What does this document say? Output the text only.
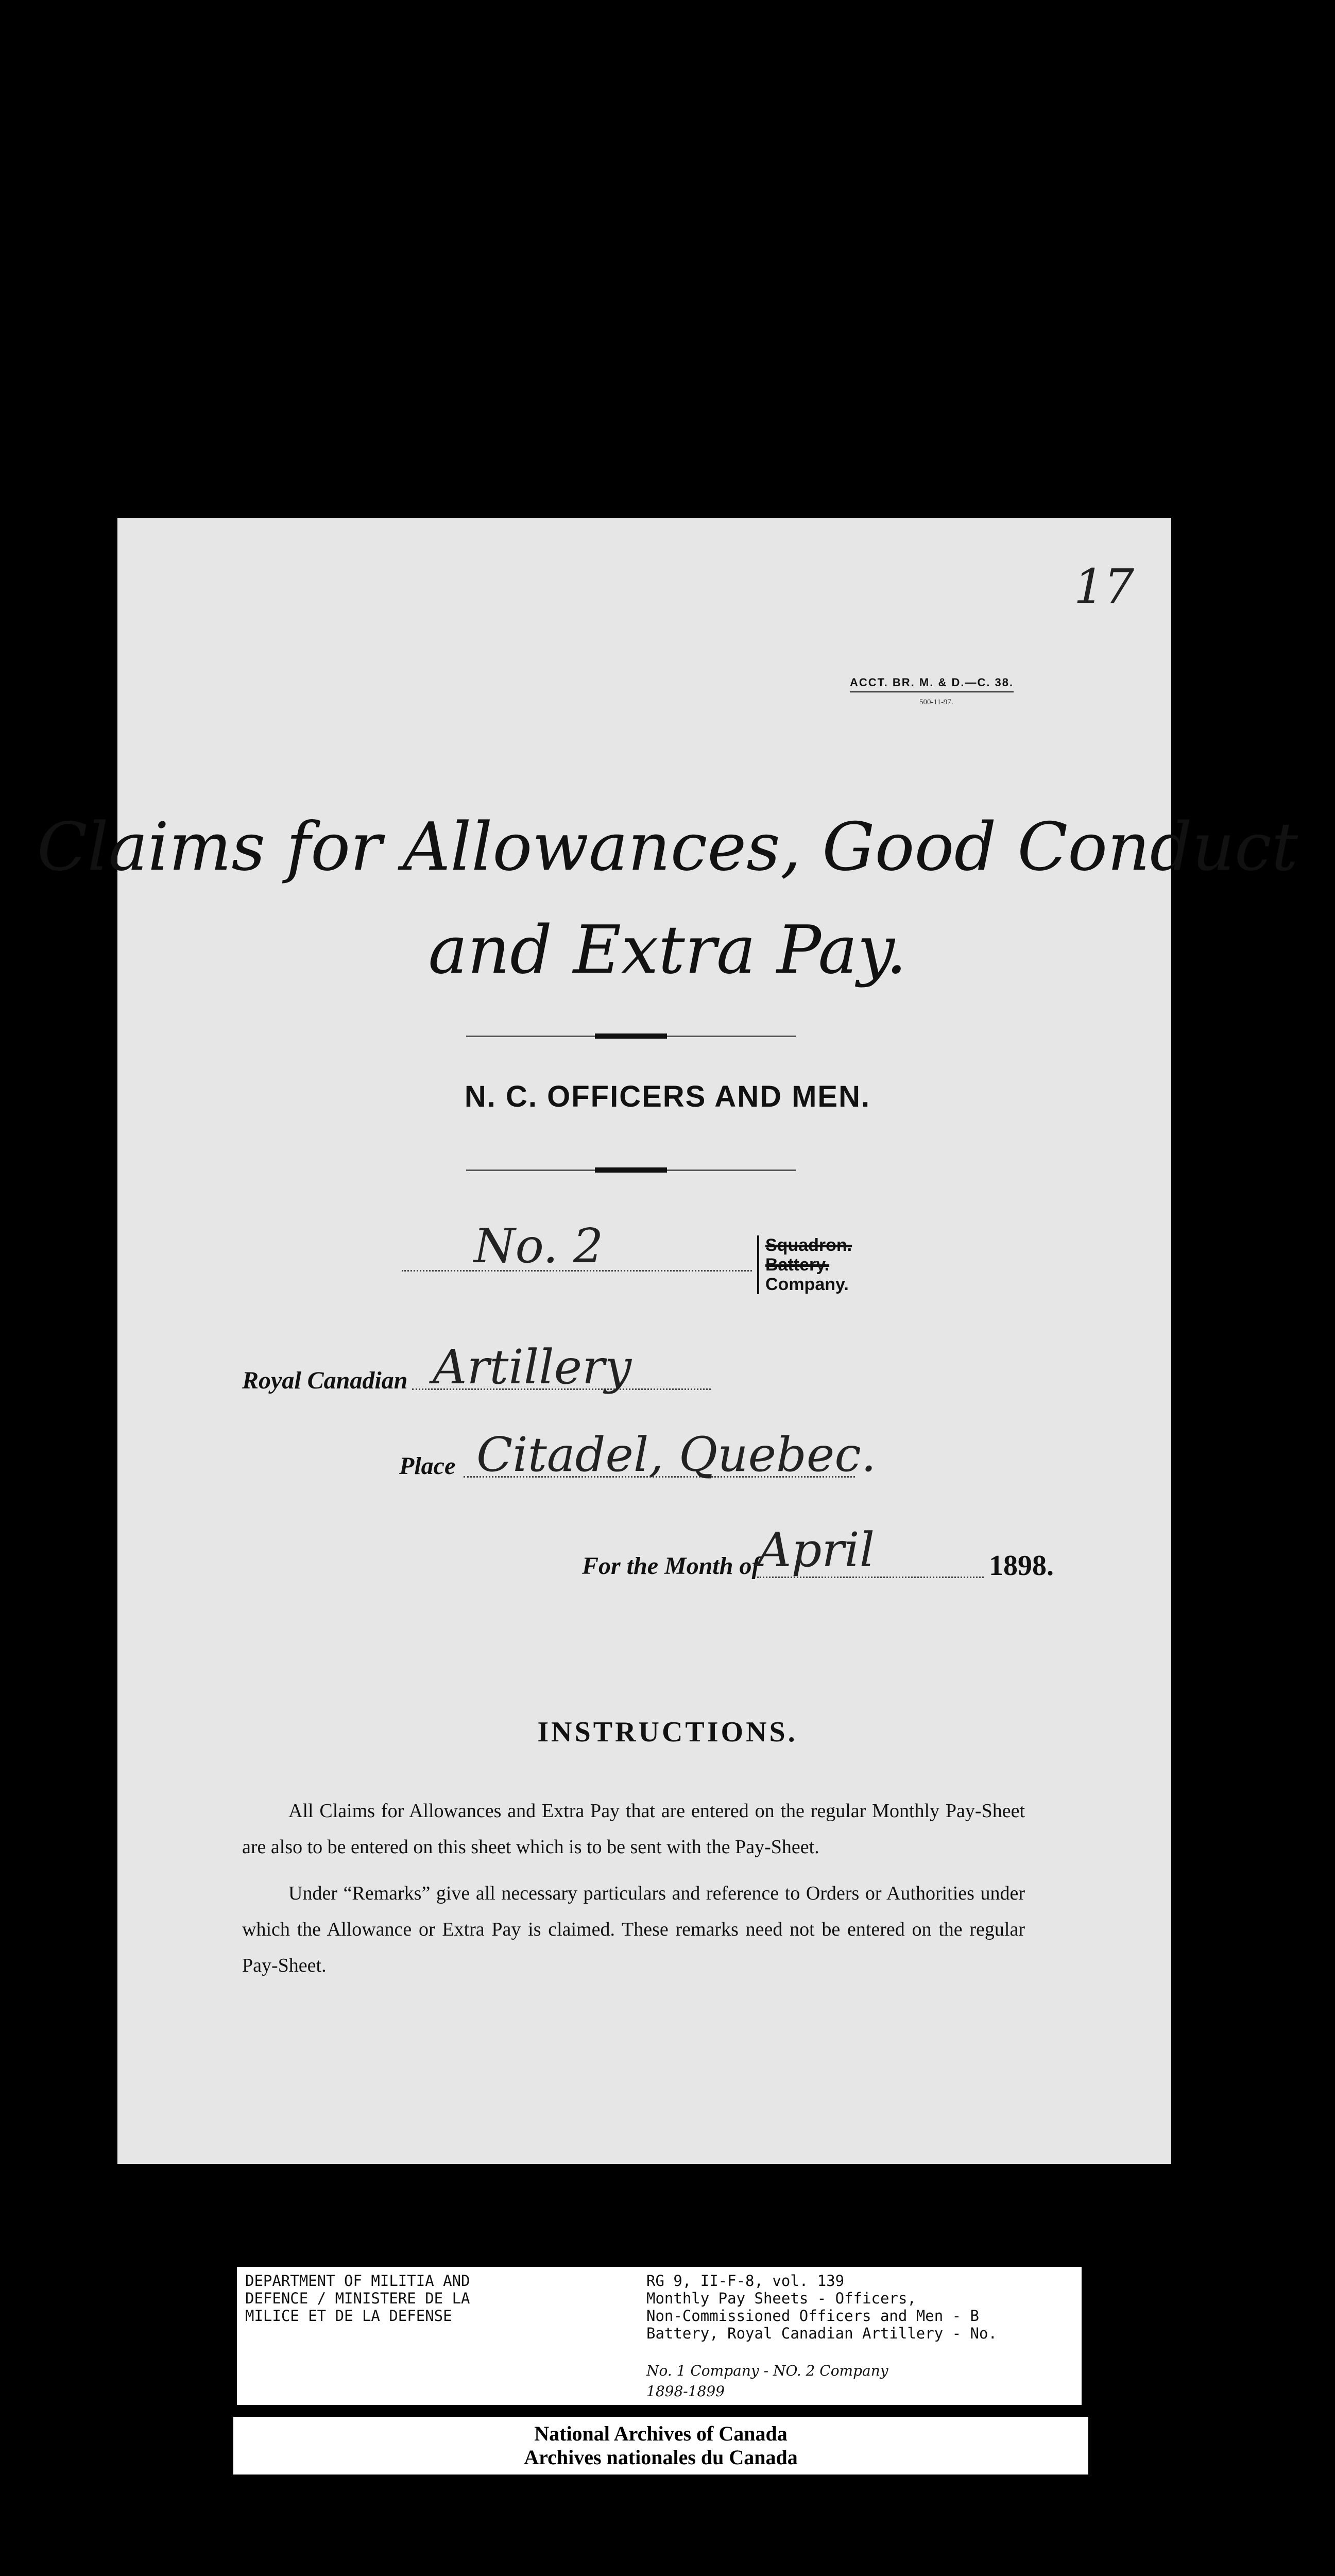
17
ACCT. BR. M. & D.—C. 38.
500-11-97.
Claims for Allowances, Good Conduct
and Extra Pay.
N. C. OFFICERS AND MEN.
No. 2	Squadron.
Battery.
Company.
Royal Canadian Artillery
Place Citadel, Quebec.
For the Month of
April	1898.
INSTRUCTIONS.
All Claims for Allowances and Extra Pay that are entered on the regular Monthly Pay-Sheet are also to be entered on this sheet which is to be sent with the Pay-Sheet.
Under “Remarks” give all necessary particulars and reference to Orders or Authorities under which the Allowance or Extra Pay is claimed. These remarks need not be entered on the regular Pay-Sheet.
DEPARTMENT OF MILITIA AND
DEFENCE / MINISTERE DE LA
MILICE ET DE LA DEFENSE
RG 9, II-F-8, vol. 139
Monthly Pay Sheets - Officers,
Non-Commissioned Officers and Men - B
Battery, Royal Canadian Artillery - No.
No. 1 Company - NO. 2 Company
1898-1899
National Archives of Canada
Archives nationales du Canada
